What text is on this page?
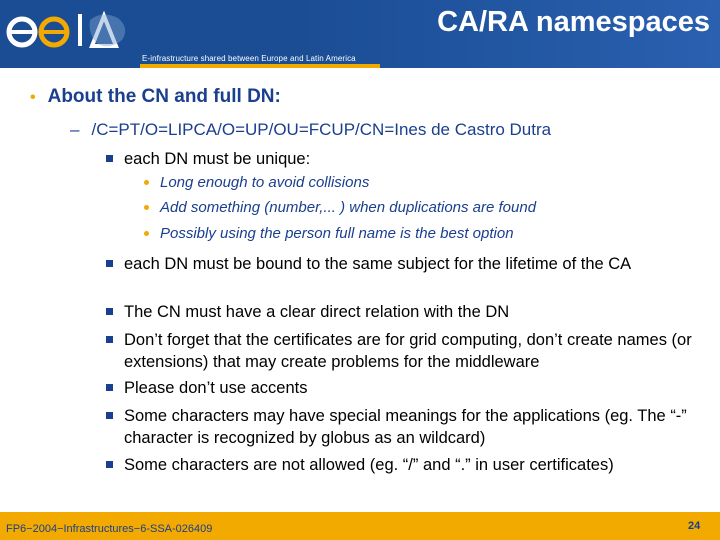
E-infrastructure shared between Europe and Latin America
CA/RA namespaces
• About the CN and full DN:
– /C=PT/O=LIPCA/O=UP/OU=FCUP/CN=Ines de Castro Dutra
each DN must be unique:
Long enough to avoid collisions
Add something (number,... ) when duplications are found
Possibly using the person full name is the best option
each DN must be bound to the same subject for the lifetime of the CA
The CN must have a clear direct relation with the DN
Don’t forget that the certificates are for grid computing, don’t create names (or extensions) that may create problems for the middleware
Please don’t use accents
Some characters may have special meanings for the applications (eg. The “-” character is recognized by globus as an wildcard)
Some characters are not allowed (eg. “/” and “.” in user certificates)
FP6−2004−Infrastructures−6-SSA-026409	24
